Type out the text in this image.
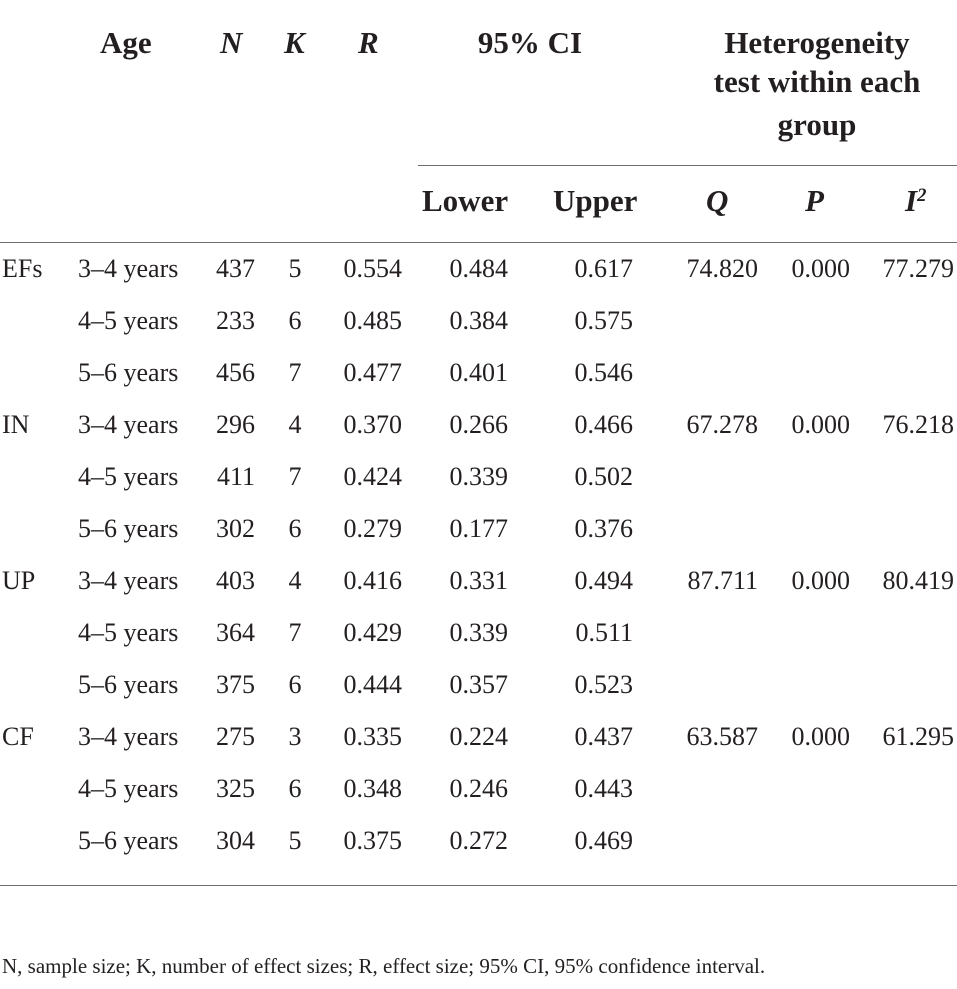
Age N K R	95% CI	Heterogeneity
test within each
group
Lower Upper Q P	$I^2$
EFs	3–4 years	437	5	0.554	0.484	0.617	74.820	0.000	77.279
4–5 years	233	6	0.485	0.384	0.575
5–6 years	456	7	0.477	0.401	0.546
IN	3–4 years	296	4	0.370	0.266	0.466	67.278	0.000	76.218
4–5 years	411	7	0.424	0.339	0.502
5–6 years	302	6	0.279	0.177	0.376
UP	3–4 years	403	4	0.416	0.331	0.494	87.711	0.000	80.419
4–5 years	364	7	0.429	0.339	0.511
5–6 years	375	6	0.444	0.357	0.523
CF	3–4 years	275	3	0.335	0.224	0.437	63.587	0.000	61.295
4–5 years	325	6	0.348	0.246	0.443
5–6 years	304	5	0.375	0.272	0.469
N, sample size; K, number of effect sizes; R, effect size; 95% CI, 95% confidence interval.
